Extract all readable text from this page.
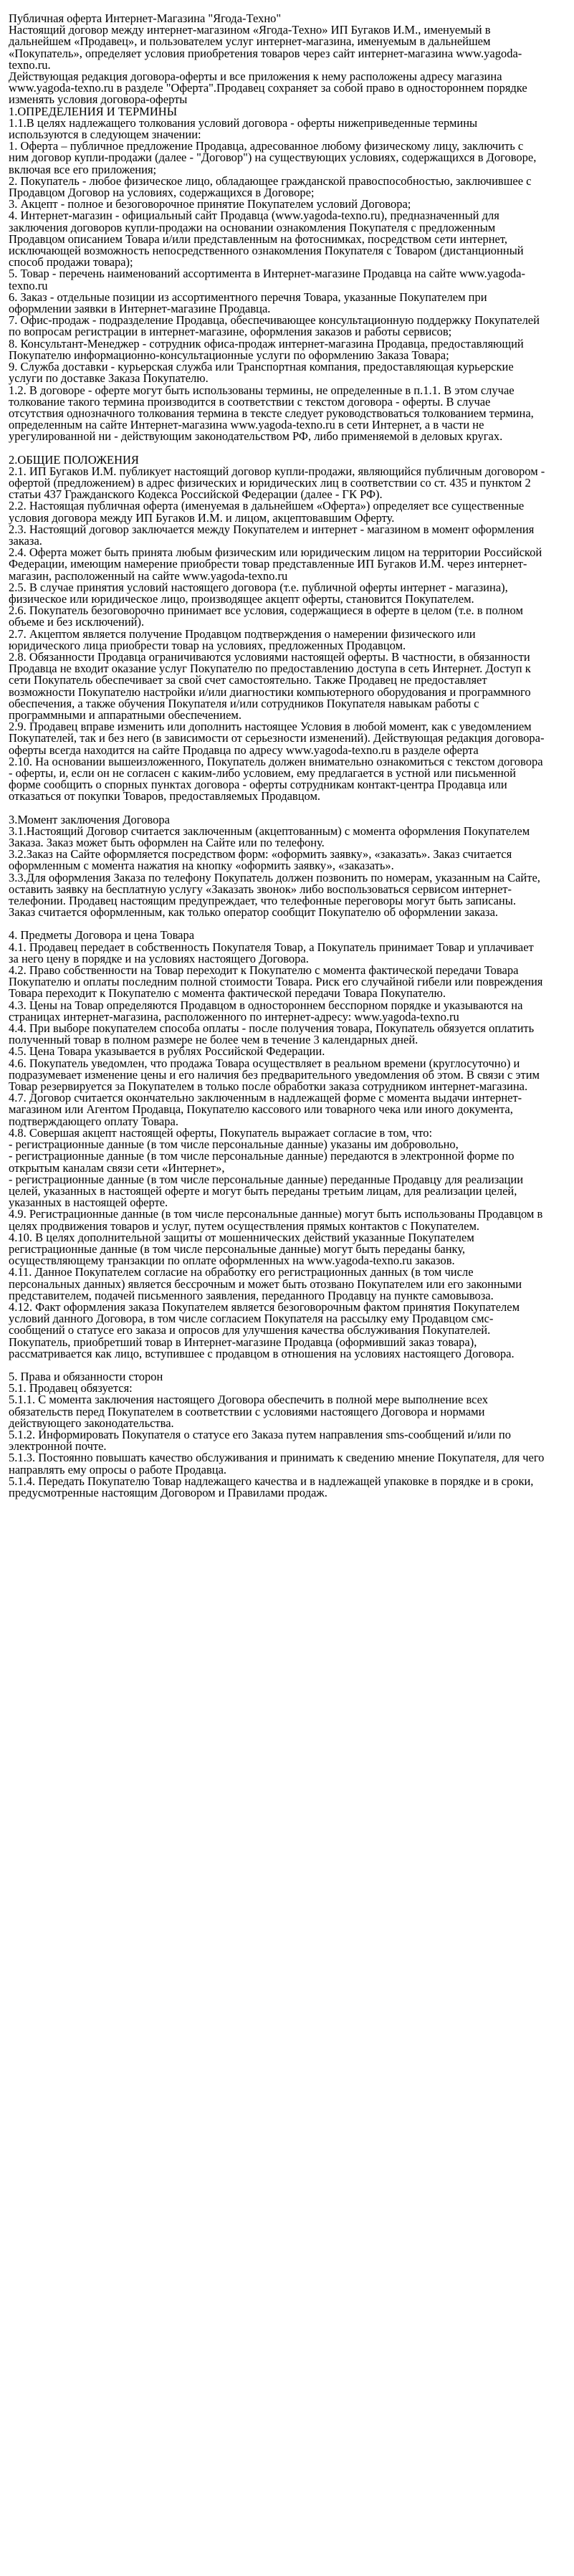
Публичная оферта Интернет-Магазина "Ягода-Техно"

Настоящий договор между интернет-магазином «Ягода-Техно» ИП Бугаков И.М., именуемый в дальнейшем «Продавец», и пользователем услуг интернет-магазина, именуемым в дальнейшем «Покупатель», определяет условия приобретения товаров через сайт интернет-магазина www.yagoda-texno.ru.

Действующая редакция договора-оферты и все приложения к нему расположены адресу магазина www.yagoda-texno.ru в разделе "Оферта".Продавец сохраняет за собой право в одностороннем порядке изменять условия договора-оферты

1.ОПРЕДЕЛЕНИЯ И ТЕРМИНЫ

1.1.В целях надлежащего толкования условий договора - оферты нижеприведенные термины используются в следующем значении:

1. Оферта – публичное предложение Продавца, адресованное любому физическому лицу, заключить с ним договор купли-продажи (далее - "Договор") на существующих условиях, содержащихся в Договоре, включая все его приложения;

2. Покупатель - любое физическое лицо, обладающее гражданской правоспособностью, заключившее с Продавцом Договор на условиях, содержащихся в Договоре;

3. Акцепт - полное и безоговорочное принятие Покупателем условий Договора;

4. Интернет-магазин - официальный сайт Продавца (www.yagoda-texno.ru), предназначенный для заключения договоров купли-продажи на основании ознакомления Покупателя с предложенным Продавцом описанием Товара и/или представленным на фотоснимках, посредством сети интернет, исключающей возможность непосредственного ознакомления Покупателя с Товаром (дистанционный способ продажи товара);

5. Товар - перечень наименований ассортимента в Интернет-магазине Продавца на сайте www.yagoda-texno.ru

6. Заказ - отдельные позиции из ассортиментного перечня Товара, указанные Покупателем при оформлении заявки в Интернет-магазине Продавца.

7. Офис-продаж - подразделение Продавца, обеспечивающее консультационную поддержку Покупателей по вопросам регистрации в интернет-магазине, оформления заказов и работы сервисов;

8. Консультант-Менеджер - сотрудник офиса-продаж интернет-магазина Продавца, предоставляющий Покупателю информационно-консультационные услуги по оформлению Заказа Товара;

9. Служба доставки - курьерская служба или Транспортная компания, предоставляющая курьерские услуги по доставке Заказа Покупателю.

1.2. В договоре - оферте могут быть использованы термины, не определенные в п.1.1. В этом случае толкование такого термина производится в соответствии с текстом договора - оферты. В случае отсутствия однозначного толкования термина в тексте следует руководствоваться толкованием термина, определенным на сайте Интернет-магазина www.yagoda-texno.ru в сети Интернет, а в части не урегулированной ни - действующим законодательством РФ, либо применяемой в деловых кругах.

2.ОБЩИЕ ПОЛОЖЕНИЯ

2.1. ИП Бугаков И.М. публикует настоящий договор купли-продажи, являющийся публичным договором - офертой (предложением) в адрес физических и юридических лиц в соответствии со ст. 435 и пунктом 2 статьи 437 Гражданского Кодекса Российской Федерации (далее - ГК РФ).

2.2. Настоящая публичная оферта (именуемая в дальнейшем «Оферта») определяет все существенные условия договора между ИП Бугаков И.М. и лицом, акцептовавшим Оферту.

2.3. Настоящий договор заключается между Покупателем и интернет - магазином в момент оформления заказа.

2.4. Оферта может быть принята любым физическим или юридическим лицом на территории Российской Федерации, имеющим намерение приобрести товар представленные ИП Бугаков И.М. через интернет-магазин, расположенный на сайте www.yagoda-texno.ru

2.5. В случае принятия условий настоящего договора (т.е. публичной оферты интернет - магазина), физическое или юридическое лицо, производящее акцепт оферты, становится Покупателем.

2.6. Покупатель безоговорочно принимает все условия, содержащиеся в оферте в целом (т.е. в полном объеме и без исключений).

2.7. Акцептом является получение Продавцом подтверждения о намерении физического или юридического лица приобрести товар на условиях, предложенных Продавцом.

2.8. Обязанности Продавца ограничиваются условиями настоящей оферты. В частности, в обязанности Продавца не входит оказание услуг Покупателю по предоставлению доступа в сеть Интернет. Доступ к сети Покупатель обеспечивает за свой счет самостоятельно. Также Продавец не предоставляет возможности Покупателю настройки и/или диагностики компьютерного оборудования и программного обеспечения, а также обучения Покупателя и/или сотрудников Покупателя навыкам работы с программными и аппаратными обеспечением.

2.9. Продавец вправе изменить или дополнить настоящее Условия в любой момент, как с уведомлением Покупателей, так и без него (в зависимости от серьезности изменений). Действующая редакция договора-оферты всегда находится на сайте Продавца по адресу www.yagoda-texno.ru в разделе оферта

2.10. На основании вышеизложенного, Покупатель должен внимательно ознакомиться с текстом договора - оферты, и, если он не согласен с каким-либо условием, ему предлагается в устной или письменной форме сообщить о спорных пунктах договора - оферты сотрудникам контакт-центра Продавца или отказаться от покупки Товаров, предоставляемых Продавцом.

3.Момент заключения Договора

3.1.Настоящий Договор считается заключенным (акцептованным) с момента оформления Покупателем Заказа. Заказ может быть оформлен на Сайте или по телефону.

3.2.Заказ на Сайте оформляется посредством форм: «оформить заявку», «заказать». Заказ считается оформленным с момента нажатия на кнопку «оформить заявку», «заказать».

3.3.Для оформления Заказа по телефону Покупатель должен позвонить по номерам, указанным на Сайте, оставить заявку на бесплатную услугу «Заказать звонок» либо воспользоваться сервисом интернет-телефонии. Продавец настоящим предупреждает, что телефонные переговоры могут быть записаны. Заказ считается оформленным, как только оператор сообщит Покупателю об оформлении заказа.

4. Предметы Договора и цена Товара

4.1. Продавец передает в собственность Покупателя Товар, а Покупатель принимает Товар и уплачивает за него цену в порядке и на условиях настоящего Договора.

4.2. Право собственности на Товар переходит к Покупателю с момента фактической передачи Товара Покупателю и оплаты последним полной стоимости Товара. Риск его случайной гибели или повреждения Товара переходит к Покупателю с момента фактической передачи Товара Покупателю.

4.3. Цены на Товар определяются Продавцом в одностороннем бесспорном порядке и указываются на страницах интернет-магазина, расположенного по интернет-адресу: www.yagoda-texno.ru

4.4. При выборе покупателем способа оплаты - после получения товара, Покупатель обязуется оплатить полученный товар в полном размере не более чем в течение 3 календарных дней.

4.5. Цена Товара указывается в рублях Российской Федерации.

4.6. Покупатель уведомлен, что продажа Товара осуществляет в реальном времени (круглосуточно) и подразумевает изменение цены и его наличия без предварительного уведомления об этом. В связи с этим Товар резервируется за Покупателем в только после обработки заказа сотрудником интернет-магазина.

4.7. Договор считается окончательно заключенным в надлежащей форме с момента выдачи интернет-магазином или Агентом Продавца, Покупателю кассового или товарного чека или иного документа, подтверждающего оплату Товара.

4.8. Совершая акцепт настоящей оферты, Покупатель выражает согласие в том, что:

- регистрационные данные (в том числе персональные данные) указаны им добровольно,

- регистрационные данные (в том числе персональные данные) передаются в электронной форме по открытым каналам связи сети «Интернет»,

- регистрационные данные (в том числе персональные данные) переданные Продавцу для реализации целей, указанных в настоящей оферте и могут быть переданы третьим лицам, для реализации целей, указанных в настоящей оферте.

4.9. Регистрационные данные (в том числе персональные данные) могут быть использованы Продавцом в целях продвижения товаров и услуг, путем осуществления прямых контактов с Покупателем.

4.10. В целях дополнительной защиты от мошеннических действий указанные Покупателем регистрационные данные (в том числе персональные данные) могут быть переданы банку, осуществляющему транзакции по оплате оформленных на www.yagoda-texno.ru заказов.

4.11. Данное Покупателем согласие на обработку его регистрационных данных (в том числе персональных данных) является бессрочным и может быть отозвано Покупателем или его законными представителем, подачей письменного заявления, переданного Продавцу на пункте самовывоза.

4.12. Факт оформления заказа Покупателем является безоговорочным фактом принятия Покупателем условий данного Договора, в том числе согласием Покупателя на рассылку ему Продавцом смс-сообщений о статусе его заказа и опросов для улучшения качества обслуживания Покупателей. Покупатель, приобретший товар в Интернет-магазине Продавца (оформивший заказ товара), рассматривается как лицо, вступившее с продавцом в отношения на условиях настоящего Договора.

5. Права и обязанности сторон

5.1. Продавец обязуется:

5.1.1. С момента заключения настоящего Договора обеспечить в полной мере выполнение всех обязательств перед Покупателем в соответствии с условиями настоящего Договора и нормами действующего законодательства.

5.1.2. Информировать Покупателя о статусе его Заказа путем направления sms-сообщений и/или по электронной почте.

5.1.3. Постоянно повышать качество обслуживания и принимать к сведению мнение Покупателя, для чего направлять ему опросы о работе Продавца.

5.1.4. Передать Покупателю Товар надлежащего качества и в надлежащей упаковке в порядке и в сроки, предусмотренные настоящим Договором и Правилами продаж.
